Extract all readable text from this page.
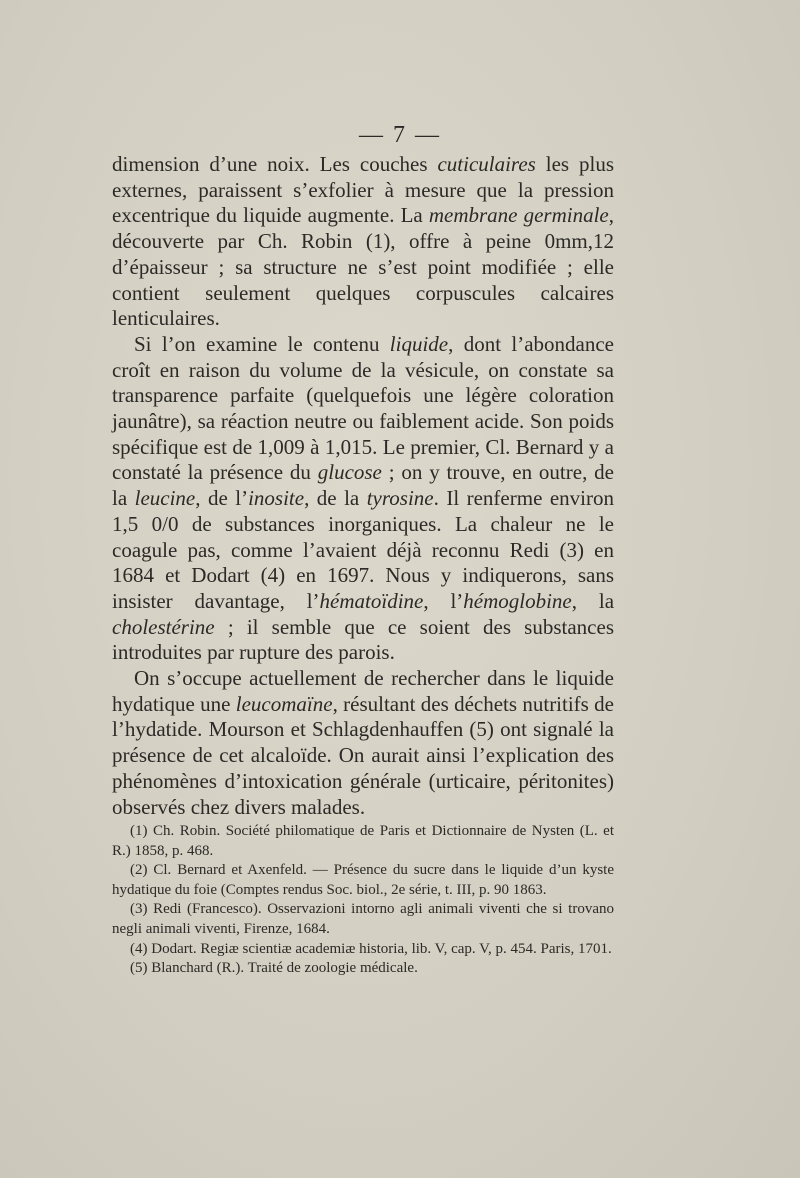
— 7 —

dimension d’une noix. Les couches cuticulaires les plus externes, paraissent s’exfolier à mesure que la pression excentrique du liquide augmente. La membrane germinale, découverte par Ch. Robin (1), offre à peine 0mm,12 d’épaisseur ; sa structure ne s’est point modifiée ; elle contient seulement quelques corpuscules calcaires lenticulaires.

Si l’on examine le contenu liquide, dont l’abondance croît en raison du volume de la vésicule, on constate sa transparence parfaite (quelquefois une légère coloration jaunâtre), sa réaction neutre ou faiblement acide. Son poids spécifique est de 1,009 à 1,015. Le premier, Cl. Bernard y a constaté la présence du glucose ; on y trouve, en outre, de la leucine, de l’inosite, de la tyrosine. Il renferme environ 1,5 0/0 de substances inorganiques. La chaleur ne le coagule pas, comme l’avaient déjà reconnu Redi (3) en 1684 et Dodart (4) en 1697. Nous y indiquerons, sans insister davantage, l’hématoïdine, l’hémoglobine, la cholestérine ; il semble que ce soient des substances introduites par rupture des parois.

On s’occupe actuellement de rechercher dans le liquide hydatique une leucomaïne, résultant des déchets nutritifs de l’hydatide. Mourson et Schlagdenhauffen (5) ont signalé la présence de cet alcaloïde. On aurait ainsi l’explication des phénomènes d’intoxication générale (urticaire, péritonites) observés chez divers malades.

(1) Ch. Robin. Société philomatique de Paris et Dictionnaire de Nysten (L. et R.) 1858, p. 468.

(2) Cl. Bernard et Axenfeld. — Présence du sucre dans le liquide d’un kyste hydatique du foie (Comptes rendus Soc. biol., 2e série, t. III, p. 90 1863.

(3) Redi (Francesco). Osservazioni intorno agli animali viventi che si trovano negli animali viventi, Firenze, 1684.

(4) Dodart. Regiæ scientiæ academiæ historia, lib. V, cap. V, p. 454. Paris, 1701.

(5) Blanchard (R.). Traité de zoologie médicale.
